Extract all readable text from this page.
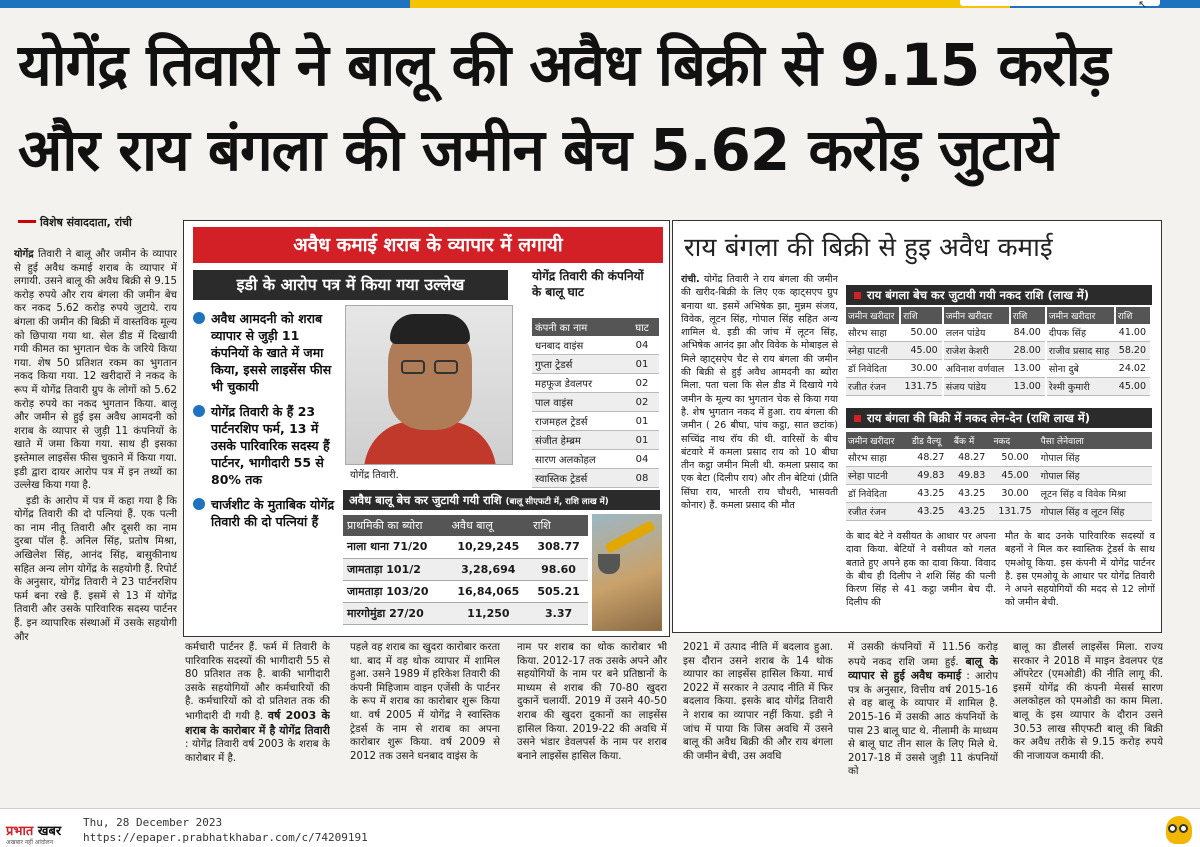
↖
योगेंद्र तिवारी ने बालू की अवैध बिक्री से 9.15 करोड़
और राय बंगला की जमीन बेच 5.62 करोड़ जुटाये
विशेष संवाददाता, रांची
योगेंद्र तिवारी ने बालू और जमीन के व्यापार से हुई अवैध कमाई शराब के व्यापार में लगायी. उसने बालू की अवैध बिक्री से 9.15 करोड़ रुपये और राय बंगला की जमीन बेच कर नकद 5.62 करोड़ रुपये जुटाये. राय बंगला की जमीन की बिक्री में वास्तविक मूल्य को छिपाया गया था. सेल डीड में दिखायी गयी कीमत का भुगतान चेक के जरिये किया गया. शेष 50 प्रतिशत रकम का भुगतान नकद किया गया. 12 खरीदारों ने नकद के रूप में योगेंद्र तिवारी ग्रुप के लोगों को 5.62 करोड़ रुपये का नकद भुगतान किया. बालू और जमीन से हुई इस अवैध आमदनी को शराब के व्यापार से जुड़ी 11 कंपनियों के खाते में जमा किया गया. साथ ही इसका इस्तेमाल लाइसेंस फीस चुकाने में किया गया. इडी द्वारा दायर आरोप पत्र में इन तथ्यों का उल्लेख किया गया है.

इडी के आरोप में पत्र में कहा गया है कि योगेंद्र तिवारी की दो पत्नियां हैं. एक पत्नी का नाम नीतू तिवारी और दूसरी का नाम दुरबा पॉल है. अनिल सिंह, प्रतोष मिश्रा, अखिलेश सिंह, आनंद सिंह, बासुकीनाथ सहित अन्य लोग योगेंद्र के सहयोगी हैं. रिपोर्ट के अनुसार, योगेंद्र तिवारी ने 23 पार्टनरशिप फर्म बना रखे हैं. इसमें से 13 में योगेंद्र तिवारी और उसके पारिवारिक सदस्य पार्टनर हैं. इन व्यापारिक संस्थाओं में उसके सहयोगी और

अवैध कमाई शराब के व्यापार में लगायी
इडी के आरोप पत्र में किया गया उल्लेख
अवैध आमदनी को शराब व्यापार से जुड़ी 11 कंपनियों के खाते में जमा किया, इससे लाइसेंस फीस भी चुकायी
योगेंद्र तिवारी के हैं 23 पार्टनरशिप फर्म, 13 में उसके पारिवारिक सदस्य हैं पार्टनर, भागीदारी 55 से 80% तक
चार्जशीट के मुताबिक योगेंद्र तिवारी की दो पत्नियां हैं
योगेंद्र तिवारी.
योगेंद्र तिवारी की कंपनियों के बालू घाट
कंपनी का नाम	घाट
धनबाद वाइंस	04
गुप्ता ट्रेडर्स	01
महफूज डेवलपर	02
पाल वाइंस	02
राजमहल ट्रेडर्स	01
संजीत हेम्ब्रम	01
सारण अलकोहल	04
स्वास्तिक ट्रेडर्स	08
अवैध बालू बेच कर जुटायी गयी राशि (बालू सीएफटी में, राशि लाख में)
प्राथमिकी का ब्योरा	अवैध बालू	राशि
नाला थाना 71/20	10,29,245	308.77
जामताड़ा 101/2	3,28,694	98.60
जामताड़ा 103/20	16,84,065	505.21
मारगोमुंडा 27/20	11,250	3.37
राय बंगला की बिक्री से हुइ अवैध कमाई
रांची. योगेंद्र तिवारी ने राय बंगला की जमीन की खरीद-बिक्री के लिए एक व्हाट्सएप ग्रुप बनाया था. इसमें अभिषेक झा, मुन्नम संजय, विवेक, लूटन सिंह, गोपाल सिंह सहित अन्य शामिल थे. इडी की जांच में लूटन सिंह, अभिषेक आनंद झा और विवेक के मोबाइल से मिले व्हाट्सऐप चैट से राय बंगला की जमीन की बिक्री से हुई अवैध आमदनी का ब्योरा मिला. पता चला कि सेल डीड में दिखाये गये जमीन के मूल्य का भुगतान चेक से किया गया है. शेष भुगतान नकद में हुआ. राय बंगला की जमीन ( 26 बीघा, पांच कट्ठा, सात छटांक) सच्चिंद्र नाथ रॉय की थी. वारिसों के बीच बंटवारे में कमला प्रसाद राय को 10 बीघा तीन कट्ठा जमीन मिली थी. कमला प्रसाद का एक बेटा (दिलीप राय) और तीन बेटियां (प्रीति सिंघा राय, भारती राय चौधरी, भासवती कोनार) हैं. कमला प्रसाद की मौत
राय बंगला बेच कर जुटायी गयी नकद राशि (लाख में)
जमीन खरीदार	राशि	जमीन खरीदार	राशि	जमीन खरीदार	राशि
सौरभ साहा	50.00	ललन पांडेय	84.00	दीपक सिंह	41.00
स्नेहा पाटनी	45.00	राजेश केशरी	28.00	राजीव प्रसाद साह	58.20
डॉ निवेदिता	30.00	अविनाश वर्णवाल	13.00	सोना दुबे	24.02
रजीत रंजन	131.75	संजय पांडेय	13.00	रेश्मी कुमारी	45.00
राय बंगला की बिक्री में नकद लेन-देन (राशि लाख में)
जमीन खरीदार	डीड वैल्यू	बैंक में	नकद	पैसा लेनेवाला
सौरभ साहा	48.27	48.27	50.00	गोपाल सिंह
स्नेहा पाटनी	49.83	49.83	45.00	गोपाल सिंह
डॉ निवेदिता	43.25	43.25	30.00	लूटन सिंह व विवेक मिश्रा
रजीत रंजन	43.25	43.25	131.75	गोपाल सिंह व लूटन सिंह
के बाद बेटे ने वसीयत के आधार पर अपना दावा किया. बेटियों ने वसीयत को गलत बताते हुए अपने हक का दावा किया. विवाद के बीच ही दिलीप ने शशि सिंह की पत्नी किरण सिंह से 41 कट्ठा जमीन बेच दी. दिलीप की
मौत के बाद उनके पारिवारिक सदस्यों व बहनों ने मिल कर स्वास्तिक ट्रेडर्स के साथ एमओयू किया. इस कंपनी में योगेंद्र पार्टनर है. इस एमओयू के आधार पर योगेंद्र तिवारी ने अपने सहयोगियों की मदद से 12 लोगों को जमीन बेची.
कर्मचारी पार्टनर हैं. फर्म में तिवारी के पारिवारिक सदस्यों की भागीदारी 55 से 80 प्रतिशत तक है. बाकी भागीदारी उसके सहयोगियों और कर्मचारियों की है. कर्मचारियों को दो प्रतिशत तक की भागीदारी दी गयी है. वर्ष 2003 के शराब के कारोबार में है योगेंद्र तिवारी : योगेंद्र तिवारी वर्ष 2003 के शराब के कारोबार में है.
पहले वह शराब का खुदरा कारोबार करता था. बाद में वह थोक व्यापार में शामिल हुआ. उसने 1989 में हरिकेश तिवारी की कंपनी मिहिजाम वाइन एजेंसी के पार्टनर के रूप में शराब का कारोबार शुरू किया था. वर्ष 2005 में योगेंद्र ने स्वास्तिक ट्रेडर्स के नाम से शराब का अपना कारोबार शुरू किया. वर्ष 2009 से 2012 तक उसने धनबाद वाइंस के
नाम पर शराब का थोक कारोबार भी किया. 2012-17 तक उसके अपने और सहयोगियों के नाम पर बने प्रतिष्ठानों के माध्यम से शराब की 70-80 खुदरा दुकानें चलायीं. 2019 में उसने 40-50 शराब की खुदरा दुकानों का लाइसेंस हासिल किया. 2019-22 की अवधि में उसने भंडार डेवलपर्स के नाम पर शराब बनाने लाइसेंस हासिल किया.
2021 में उत्पाद नीति में बदलाव हुआ. इस दौरान उसने शराब के 14 थोक व्यापार का लाइसेंस हासिल किया. मार्च 2022 में सरकार ने उत्पाद नीति में फिर बदलाव किया. इसके बाद योगेंद्र तिवारी ने शराब का व्यापार नहीं किया. इडी ने जांच में पाया कि जिस अवधि में उसने बालू की अवैध बिक्री की और राय बंगला की जमीन बेची, उस अवधि
में उसकी कंपनियों में 11.56 करोड़ रुपये नकद राशि जमा हुई. बालू के व्यापार से हुई अवैध कमाई : आरोप पत्र के अनुसार, वित्तीय वर्ष 2015-16 से वह बालू के व्यापार में शामिल है. 2015-16 में उसकी आठ कंपनियों के पास 23 बालू घाट थे. नीलामी के माध्यम से बालू घाट तीन साल के लिए मिले थे. 2017-18 में उससे जुड़ी 11 कंपनियों को
बालू का डीलर्स लाइसेंस मिला. राज्य सरकार ने 2018 में माइन डेवलपर एंड ऑपरेटर (एमओडी) की नीति लागू की. इसमें योगेंद्र की कंपनी मेसर्स सारण अलकोहल को एमओडी का काम मिला. बालू के इस व्यापार के दौरान उसने 30.53 लाख सीएफटी बालू की बिक्री कर अवैध तरीके से 9.15 करोड़ रुपये की नाजायज कमायी की.
प्रभात खबर
अखबार नहीं आंदोलन
Thu, 28 December 2023
https://epaper.prabhatkhabar.com/c/74209191
